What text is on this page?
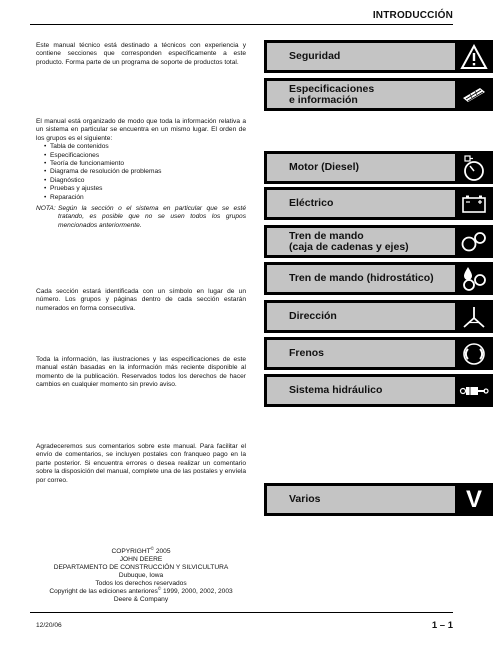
INTRODUCCIÓN

Este manual técnico está destinado a técnicos con experiencia y contiene secciones que corresponden específicamente a este producto. Forma parte de un programa de soporte de productos total.

El manual está organizado de modo que toda la información relativa a un sistema en particular se encuentra en un mismo lugar. El orden de los grupos es el siguiente:

• Tabla de contenidos
• Especificaciones
• Teoría de funcionamiento
• Diagrama de resolución de problemas
• Diagnóstico
• Pruebas y ajustes
• Reparación
NOTA: Según la sección o el sistema en particular que se esté tratando, es posible que no se usen todos los grupos mencionados anteriormente.

Cada sección estará identificada con un símbolo en lugar de un número. Los grupos y páginas dentro de cada sección estarán numerados en forma consecutiva.

Toda la información, las ilustraciones y las especificaciones de este manual están basadas en la información más reciente disponible al momento de la publicación. Reservados todos los derechos de hacer cambios en cualquier momento sin previo aviso.

Agradeceremos sus comentarios sobre este manual. Para facilitar el envío de comentarios, se incluyen postales con franqueo pago en la parte posterior. Si encuentra errores o desea realizar un comentario sobre la disposición del manual, complete una de las postales y envíela por correo.

COPYRIGHT© 2005
JOHN DEERE
DEPARTAMENTO DE CONSTRUCCIÓN Y SILVICULTURA
Dubuque, Iowa
Todos los derechos reservados
Copyright de las ediciones anteriores© 1999, 2000, 2002, 2003
Deere & Company
12/20/06	1 – 1
Seguridad
Especificaciones
e información
Motor (Diesel)
Eléctrico
Tren de mando
(caja de cadenas y ejes)
Tren de mando (hidrostático)
Dirección
Frenos
Sistema hidráulico
Varios	V
